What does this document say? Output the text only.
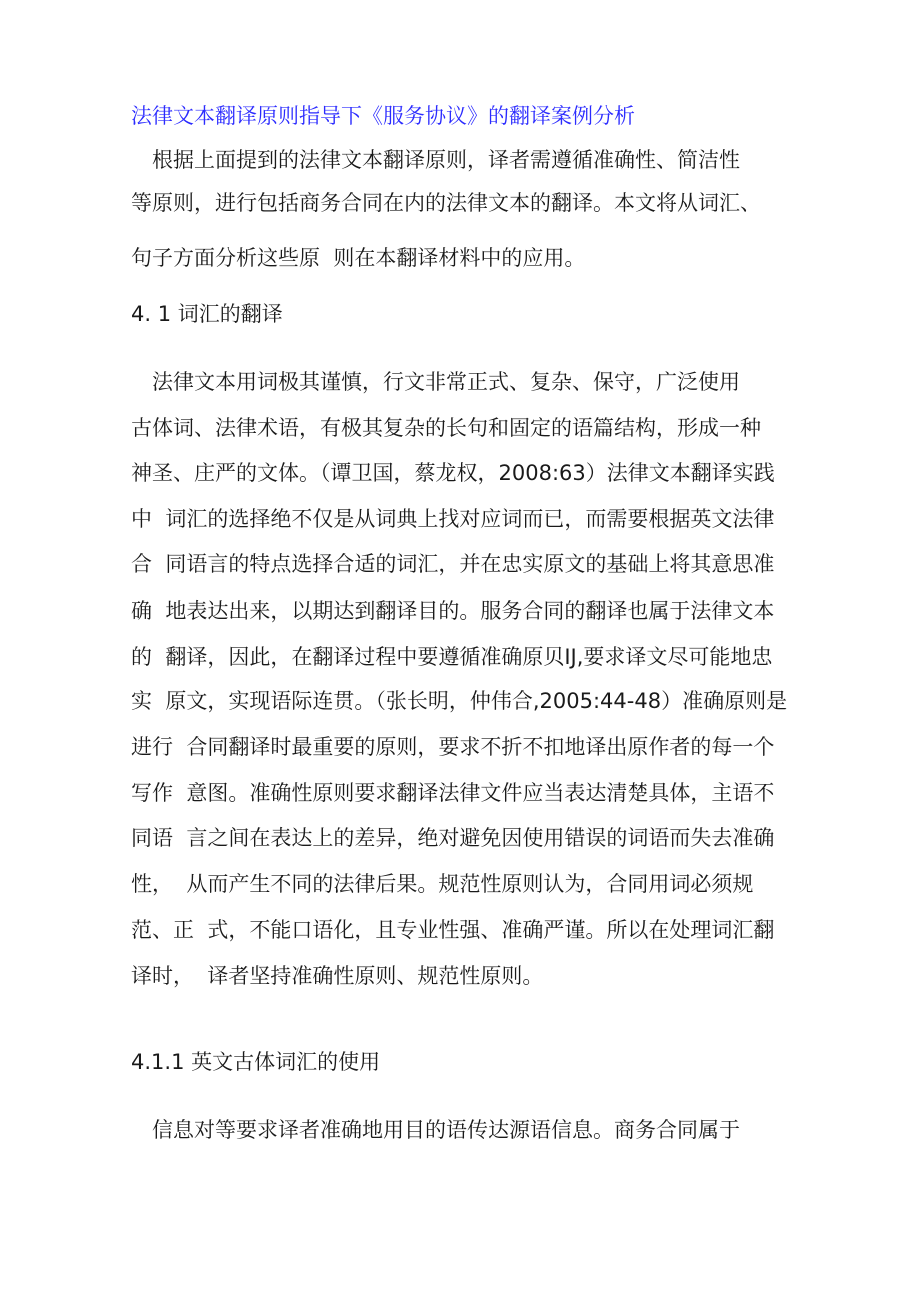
法律文本翻译原则指导下《服务协议》的翻译案例分析
根据上面提到的法律文本翻译原则，译者需遵循准确性、简洁性
等原则，进行包括商务合同在内的法律文本的翻译。本文将从词汇、
句子方面分析这些原  则在本翻译材料中的应用。
4. 1 词汇的翻译
法律文本用词极其谨慎，行文非常正式、复杂、保守，广泛使用
古体词、法律术语，有极其复杂的长句和固定的语篇结构，形成一种
神圣、庄严的文体。（谭卫国，蔡龙权，2008:63）法律文本翻译实践
中  词汇的选择绝不仅是从词典上找对应词而已，而需要根据英文法律
合  同语言的特点选择合适的词汇，并在忠实原文的基础上将其意思准
确  地表达出来，以期达到翻译目的。服务合同的翻译也属于法律文本
的  翻译，因此，在翻译过程中要遵循准确原贝IJ,要求译文尽可能地忠
实  原文，实现语际连贯。（张长明，仲伟合,2005:44-48）准确原则是
进行  合同翻译时最重要的原则，要求不折不扣地译出原作者的每一个
写作  意图。准确性原则要求翻译法律文件应当表达清楚具体，主语不
同语  言之间在表达上的差异，绝对避免因使用错误的词语而失去准确
性，  从而产生不同的法律后果。规范性原则认为，合同用词必须规
范、正  式，不能口语化，且专业性强、准确严谨。所以在处理词汇翻
译时，  译者坚持准确性原则、规范性原则。
4.1.1 英文古体词汇的使用
信息对等要求译者准确地用目的语传达源语信息。商务合同属于
